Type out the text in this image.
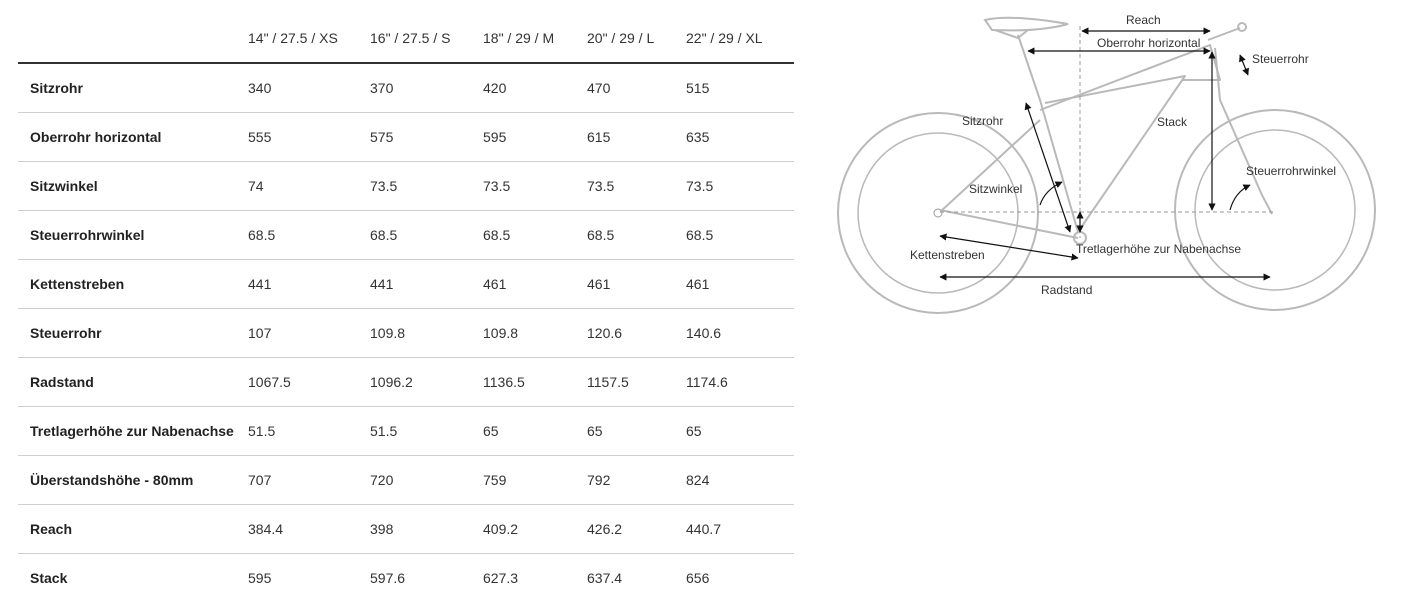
	14" / 27.5 / XS	16" / 27.5 / S	18" / 29 / M	20" / 29 / L	22" / 29 / XL
Sitzrohr	340	370	420	470	515
Oberrohr horizontal	555	575	595	615	635
Sitzwinkel	74	73.5	73.5	73.5	73.5
Steuerrohrwinkel	68.5	68.5	68.5	68.5	68.5
Kettenstreben	441	441	461	461	461
Steuerrohr	107	109.8	109.8	120.6	140.6
Radstand	1067.5	1096.2	1136.5	1157.5	1174.6
Tretlagerhöhe zur Nabenachse	51.5	51.5	65	65	65
Überstandshöhe - 80mm	707	720	759	792	824
Reach	384.4	398	409.2	426.2	440.7
Stack	595	597.6	627.3	637.4	656
Reach
Oberrohr horizontal
Steuerrohr
Sitzrohr	Stack
Steuerrohrwinkel
Sitzwinkel
Tretlagerhöhe zur Nabenachse
Kettenstreben
Radstand
